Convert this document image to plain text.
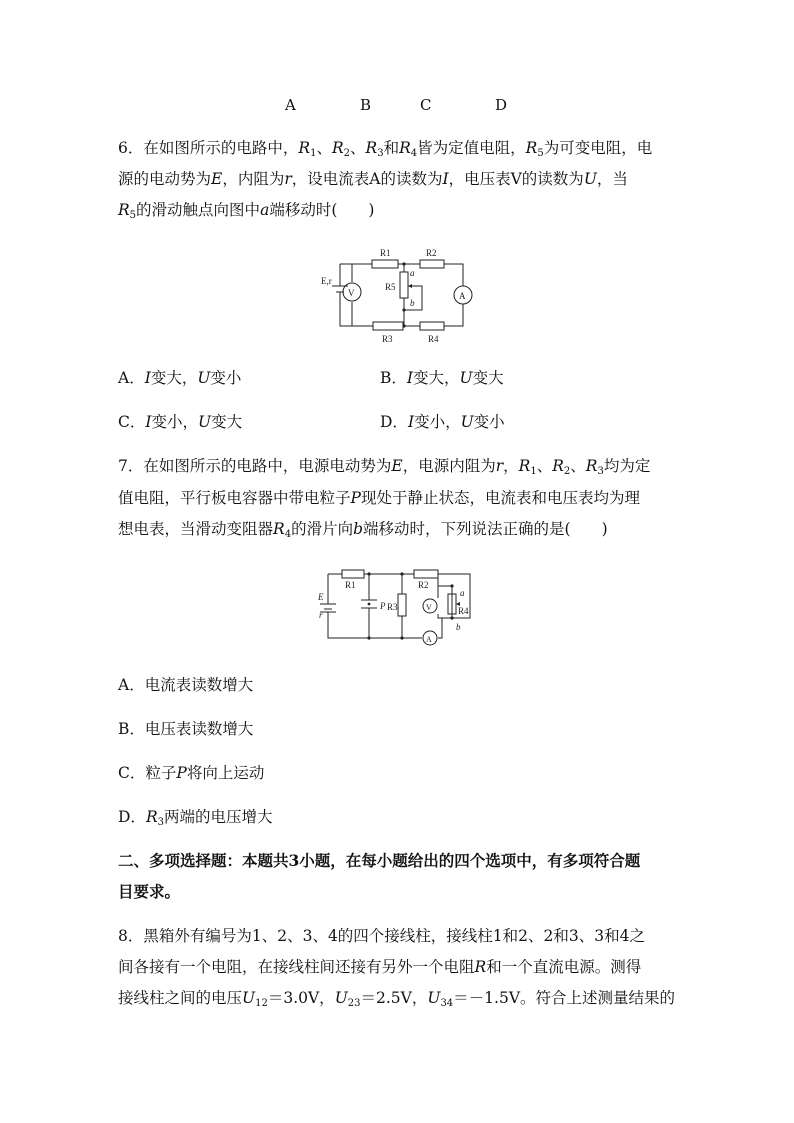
A	B	C	D
6．在如图所示的电路中，$R_1$、$R_2$、$R_3$和$R_4$皆为定值电阻，$R_5$为可变电阻，电
源的电动势为E，内阻为r，设电流表A的读数为I，电压表V的读数为U，当
$R_5$的滑动触点向图中a端移动时(　　)
R1	R2
R3	R4
R5
E,r
V	A
a
b
A．I变大，U变小	B．I变大，U变大
C．I变小，U变大	D．I变小，U变小
7．在如图所示的电路中，电源电动势为E，电源内阻为r，$R_1$、$R_2$、$R_3$均为定
值电阻，平行板电容器中带电粒子P现处于静止状态，电流表和电压表均为理
想电表，当滑动变阻器$R_4$的滑片向b端移动时，下列说法正确的是(　　)
R1	R2
R3	R4
E
r
P	V
A
a
b
A．电流表读数增大
B．电压表读数增大
C．粒子P将向上运动
D．$R_3$两端的电压增大
二、多项选择题：本题共3小题，在每小题给出的四个选项中，有多项符合题
目要求。
8．黑箱外有编号为1、2、3、4的四个接线柱，接线柱1和2、2和3、3和4之
间各接有一个电阻，在接线柱间还接有另外一个电阻R和一个直流电源。测得
接线柱之间的电压$U_{12}=3.0V$，$U_{23}=2.5V$，$U_{34}=-1.5V$。符合上述测量结果的
